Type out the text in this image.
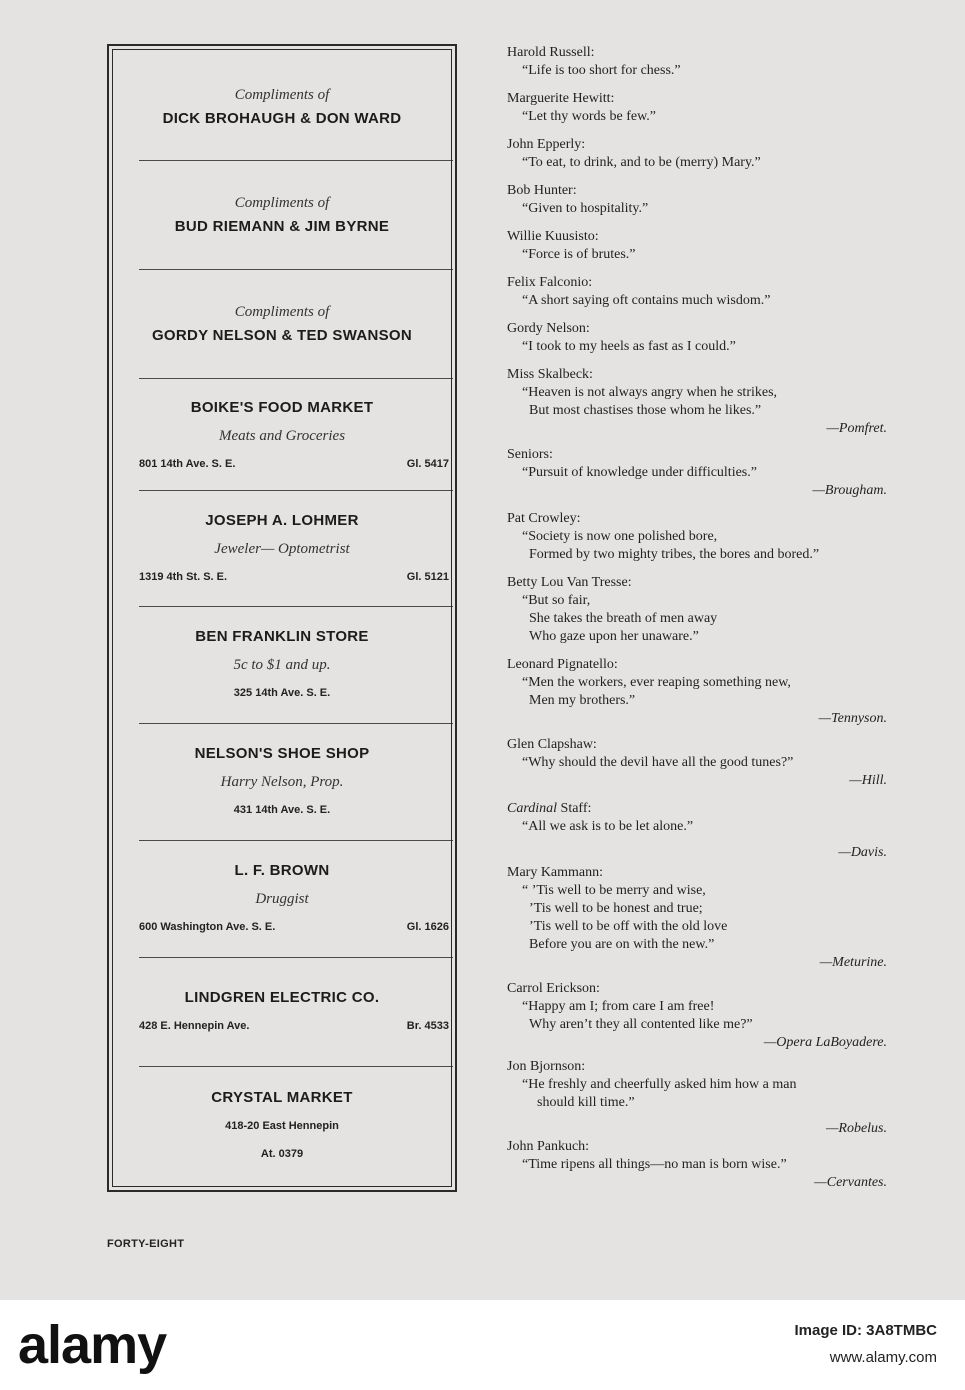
Compliments of
DICK BROHAUGH & DON WARD
Compliments of
BUD RIEMANN & JIM BYRNE
Compliments of
GORDY NELSON & TED SWANSON
BOIKE'S FOOD MARKET
Meats and Groceries
801 14th Ave. S. E.	Gl. 5417
JOSEPH A. LOHMER
Jeweler— Optometrist
1319 4th St. S. E.	Gl. 5121
BEN FRANKLIN STORE
5c to $1 and up.
325 14th Ave. S. E.
NELSON'S SHOE SHOP
Harry Nelson, Prop.
431 14th Ave. S. E.
L. F. BROWN
Druggist
600 Washington Ave. S. E.	Gl. 1626
LINDGREN ELECTRIC CO.
428 E. Hennepin Ave.	Br. 4533
CRYSTAL MARKET
418-20 East Hennepin
At. 0379
FORTY-EIGHT
Harold Russell:
“Life is too short for chess.”
Marguerite Hewitt:
“Let thy words be few.”
John Epperly:
“To eat, to drink, and to be (merry) Mary.”
Bob Hunter:
“Given to hospitality.”
Willie Kuusisto:
“Force is of brutes.”
Felix Falconio:
“A short saying oft contains much wisdom.”
Gordy Nelson:
“I took to my heels as fast as I could.”
Miss Skalbeck:
“Heaven is not always angry when he strikes,
But most chastises those whom he likes.”
—Pomfret.
Seniors:
“Pursuit of knowledge under difficulties.”
—Brougham.
Pat Crowley:
“Society is now one polished bore,
Formed by two mighty tribes, the bores and bored.”
Betty Lou Van Tresse:
“But so fair,
She takes the breath of men away
Who gaze upon her unaware.”
Leonard Pignatello:
“Men the workers, ever reaping something new,
Men my brothers.”
—Tennyson.
Glen Clapshaw:
“Why should the devil have all the good tunes?”
—Hill.
Cardinal Staff:
“All we ask is to be let alone.”
—Davis.
Mary Kammann:
“ ’Tis well to be merry and wise,
’Tis well to be honest and true;
’Tis well to be off with the old love
Before you are on with the new.”
—Meturine.
Carrol Erickson:
“Happy am I; from care I am free!
Why aren’t they all contented like me?”
—Opera LaBoyadere.
Jon Bjornson:
“He freshly and cheerfully asked him how a man
should kill time.”
—Robelus.
John Pankuch:
“Time ripens all things—no man is born wise.”
—Cervantes.
alamy	Image ID: 3A8TMBC
www.alamy.com
